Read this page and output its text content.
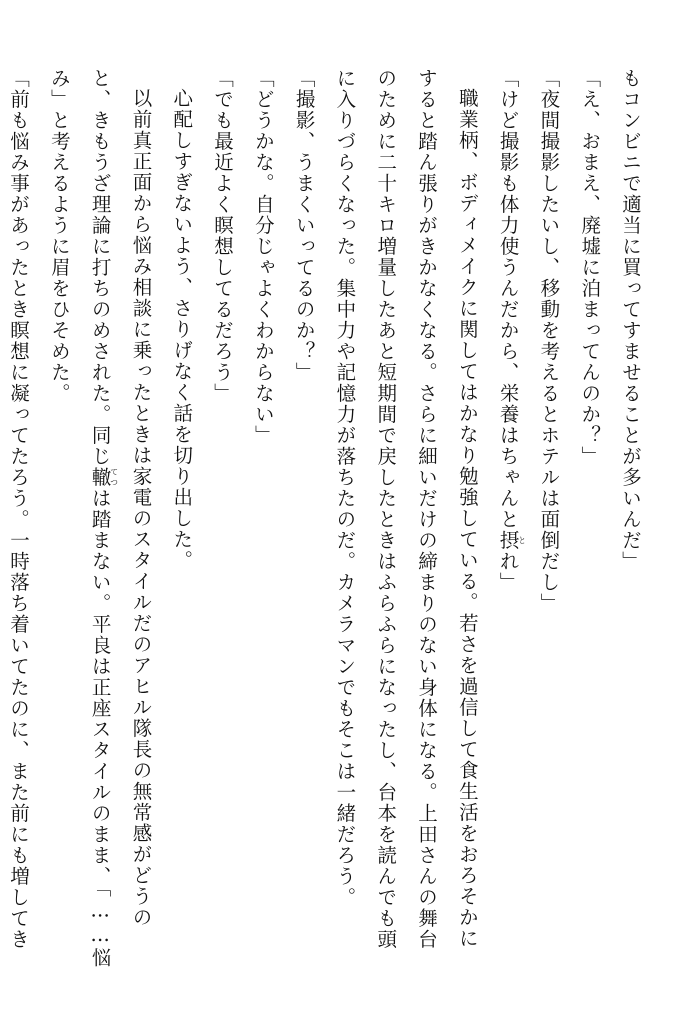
もコンビニで適当に買ってすませることが多いんだ」
「え、おまえ、廃墟に泊まってんのか？」
「夜間撮影したいし、移動を考えるとホテルは面倒だし」
「けど撮影も体力使うんだから、栄養はちゃんと摂とれ」
職業柄、ボディメイクに関してはかなり勉強している。若さを過信して食生活をおろそかに
すると踏ん張りがきかなくなる。さらに細いだけの締まりのない身体になる。上田さんの舞台
のために二十キロ増量したあと短期間で戻したときはふらふらになったし、台本を読んでも頭
に入りづらくなった。集中力や記憶力が落ちたのだ。カメラマンでもそこは一緒だろう。
「撮影、うまくいってるのか？」
「どうかな。自分じゃよくわからない」
「でも最近よく瞑想してるだろう」
心配しすぎないよう、さりげなく話を切り出した。
以前真正面から悩み相談に乗ったときは家電のスタイルだのアヒル隊長の無常感がどうの
と、きもうざ理論に打ちのめされた。同じ轍てつは踏まない。平良は正座スタイルのまま、「……悩
み」と考えるように眉をひそめた。
「前も悩み事があったとき瞑想に凝ってたろう。一時落ち着いてたのに、また前にも増してき
